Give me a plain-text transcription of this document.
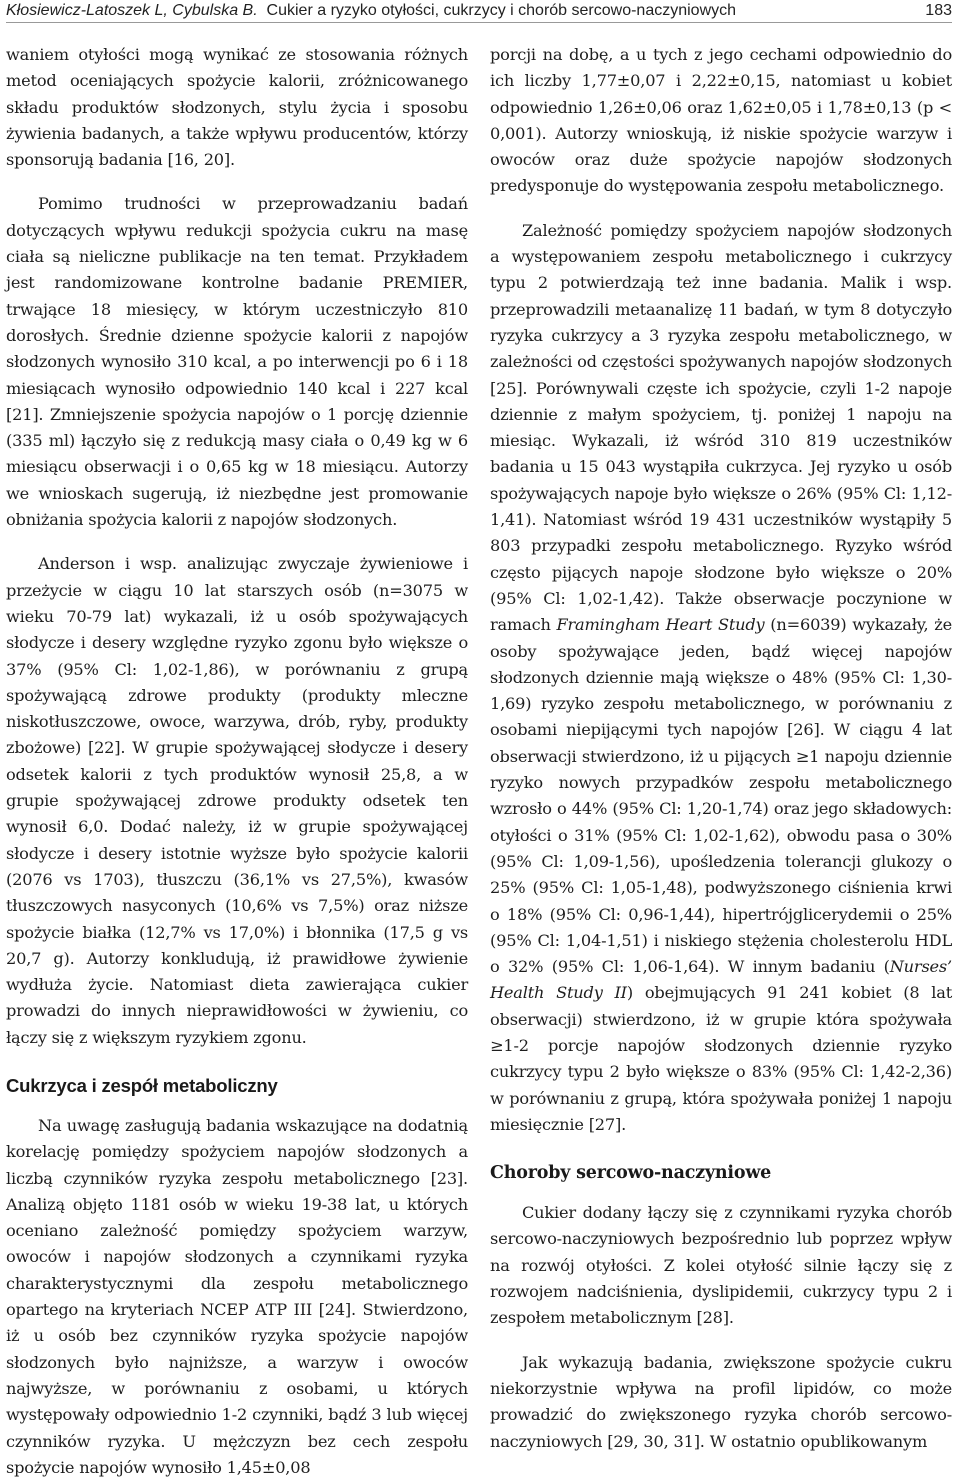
Kłosiewicz-Latoszek L, Cybulska B. Cukier a ryzyko otyłości, cukrzycy i chorób sercowo-naczyniowych	183

waniem otyłości mogą wynikać ze stosowania różnych metod oceniających spożycie kalorii, zróżnicowanego składu produktów słodzonych, stylu życia i sposobu żywienia badanych, a także wpływu producentów, którzy sponsorują badania [16, 20].

Pomimo trudności w przeprowadzaniu badań dotyczących wpływu redukcji spożycia cukru na masę ciała są nieliczne publikacje na ten temat. Przykładem jest randomizowane kontrolne badanie PREMIER, trwające 18 miesięcy, w którym uczestniczyło 810 dorosłych. Średnie dzienne spożycie kalorii z napojów słodzonych wynosiło 310 kcal, a po interwencji po 6 i 18 miesiącach wynosiło odpowiednio 140 kcal i 227 kcal [21]. Zmniejszenie spożycia napojów o 1 porcję dziennie (335 ml) łączyło się z redukcją masy ciała o 0,49 kg w 6 miesiącu obserwacji i o 0,65 kg w 18 miesiącu. Autorzy we wnioskach sugerują, iż niezbędne jest promowanie obniżania spożycia kalorii z napojów słodzonych.

Anderson i wsp. analizując zwyczaje żywieniowe i przeżycie w ciągu 10 lat starszych osób (n=3075 w wieku 70-79 lat) wykazali, iż u osób spożywających słodycze i desery względne ryzyko zgonu było większe o 37% (95% Cl: 1,02-1,86), w porównaniu z grupą spożywającą zdrowe produkty (produkty mleczne niskotłuszczowe, owoce, warzywa, drób, ryby, produkty zbożowe) [22]. W grupie spożywającej słodycze i desery odsetek kalorii z tych produktów wynosił 25,8, a w grupie spożywającej zdrowe produkty odsetek ten wynosił 6,0. Dodać należy, iż w grupie spożywającej słodycze i desery istotnie wyższe było spożycie kalorii (2076 vs 1703), tłuszczu (36,1% vs 27,5%), kwasów tłuszczowych nasyconych (10,6% vs 7,5%) oraz niższe spożycie białka (12,7% vs 17,0%) i błonnika (17,5 g vs 20,7 g). Autorzy konkludują, iż prawidłowe żywienie wydłuża życie. Natomiast dieta zawierająca cukier prowadzi do innych nieprawidłowości w żywieniu, co łączy się z większym ryzykiem zgonu.

Cukrzyca i zespół metaboliczny

Na uwagę zasługują badania wskazujące na dodatnią korelację pomiędzy spożyciem napojów słodzonych a liczbą czynników ryzyka zespołu metabolicznego [23]. Analizą objęto 1181 osób w wieku 19-38 lat, u których oceniano zależność pomiędzy spożyciem warzyw, owoców i napojów słodzonych a czynnikami ryzyka charakterystycznymi dla zespołu metabolicznego opartego na kryteriach NCEP ATP III [24]. Stwierdzono, iż u osób bez czynników ryzyka spożycie napojów słodzonych było najniższe, a warzyw i owoców najwyższe, w porównaniu z osobami, u których występowały odpowiednio 1-2 czynniki, bądź 3 lub więcej czynników ryzyka. U mężczyzn bez cech zespołu spożycie napojów wynosiło 1,45±0,08

porcji na dobę, a u tych z jego cechami odpowiednio do ich liczby 1,77±0,07 i 2,22±0,15, natomiast u kobiet odpowiednio 1,26±0,06 oraz 1,62±0,05 i 1,78±0,13 (p < 0,001). Autorzy wnioskują, iż niskie spożycie warzyw i owoców oraz duże spożycie napojów słodzonych predysponuje do występowania zespołu metabolicznego.

Zależność pomiędzy spożyciem napojów słodzonych a występowaniem zespołu metabolicznego i cukrzycy typu 2 potwierdzają też inne badania. Malik i wsp. przeprowadzili metaanalizę 11 badań, w tym 8 dotyczyło ryzyka cukrzycy a 3 ryzyka zespołu metabolicznego, w zależności od częstości spożywanych napojów słodzonych [25]. Porównywali częste ich spożycie, czyli 1-2 napoje dziennie z małym spożyciem, tj. poniżej 1 napoju na miesiąc. Wykazali, iż wśród 310 819 uczestników badania u 15 043 wystąpiła cukrzyca. Jej ryzyko u osób spożywających napoje było większe o 26% (95% Cl: 1,12-1,41). Natomiast wśród 19 431 uczestników wystąpiły 5 803 przypadki zespołu metabolicznego. Ryzyko wśród często pijących napoje słodzone było większe o 20% (95% Cl: 1,02-1,42). Także obserwacje poczynione w ramach Framingham Heart Study (n=6039) wykazały, że osoby spożywające jeden, bądź więcej napojów słodzonych dziennie mają większe o 48% (95% Cl: 1,30-1,69) ryzyko zespołu metabolicznego, w porównaniu z osobami niepijącymi tych napojów [26]. W ciągu 4 lat obserwacji stwierdzono, iż u pijących ≥1 napoju dziennie ryzyko nowych przypadków zespołu metabolicznego wzrosło o 44% (95% Cl: 1,20-1,74) oraz jego składowych: otyłości o 31% (95% Cl: 1,02-1,62), obwodu pasa o 30% (95% Cl: 1,09-1,56), upośledzenia tolerancji glukozy o 25% (95% Cl: 1,05-1,48), podwyższonego ciśnienia krwi o 18% (95% Cl: 0,96-1,44), hipertrójglicerydemii o 25% (95% Cl: 1,04-1,51) i niskiego stężenia cholesterolu HDL o 32% (95% Cl: 1,06-1,64). W innym badaniu (Nurses’ Health Study II) obejmujących 91 241 kobiet (8 lat obserwacji) stwierdzono, iż w grupie która spożywała ≥1-2 porcje napojów słodzonych dziennie ryzyko cukrzycy typu 2 było większe o 83% (95% Cl: 1,42-2,36) w porównaniu z grupą, która spożywała poniżej 1 napoju miesięcznie [27].

Choroby sercowo-naczyniowe

Cukier dodany łączy się z czynnikami ryzyka chorób sercowo-naczyniowych bezpośrednio lub poprzez wpływ na rozwój otyłości. Z kolei otyłość silnie łączy się z rozwojem nadciśnienia, dyslipidemii, cukrzycy typu 2 i zespołem metabolicznym [28].

Jak wykazują badania, zwiększone spożycie cukru niekorzystnie wpływa na profil lipidów, co może prowadzić do zwiększonego ryzyka chorób sercowo-naczyniowych [29, 30, 31]. W ostatnio opublikowanym
